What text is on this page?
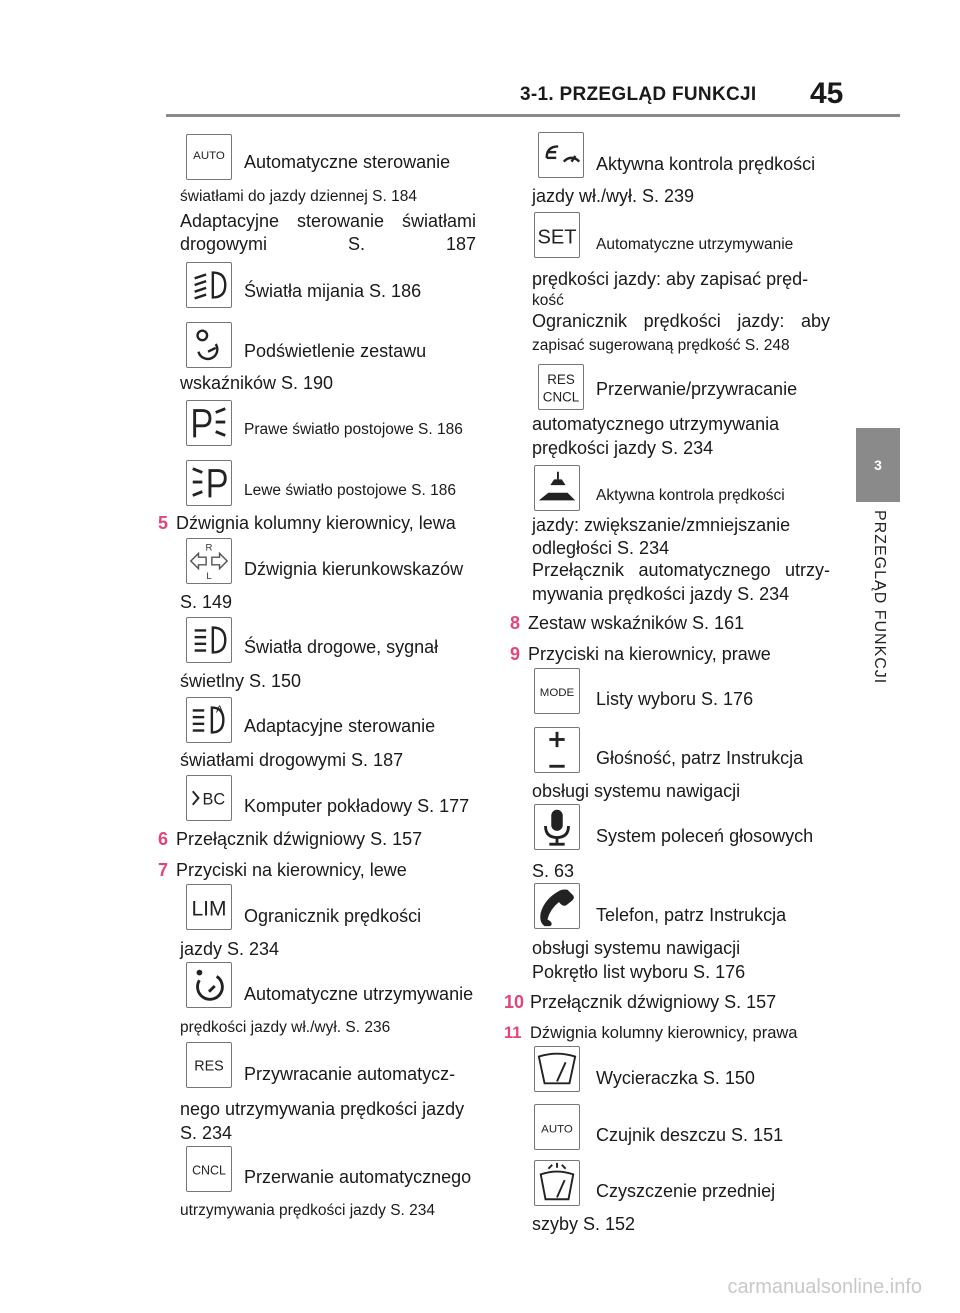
3-1. PRZEGLĄD FUNKCJI 45
3
PRZEGLĄD FUNKCJI
AUTO Automatyczne sterowanie
światłami do jazdy dziennej S. 184
Adaptacyjne sterowanie światłami drogowymi S. 187
Światła mijania S. 186
Podświetlenie zestawu
wskaźników S. 190
Prawe światło postojowe S. 186
Lewe światło postojowe S. 186
5 Dźwignia kolumny kierownicy, lewa
R
L Dźwignia kierunkowskazów
S. 149
Światła drogowe, sygnał
świetlny S. 150
A
Adaptacyjne sterowanie
światłami drogowymi S. 187
BC Komputer pokładowy S. 177
6 Przełącznik dźwigniowy S. 157
7 Przyciski na kierownicy, lewe
LIM Ogranicznik prędkości
jazdy S. 234
Automatyczne utrzymywanie
prędkości jazdy wł./wył. S. 236
RES Przywracanie automatycz-
nego utrzymywania prędkości jazdy
S. 234
CNCL Przerwanie automatycznego
utrzymywania prędkości jazdy S. 234
Aktywna kontrola prędkości
jazdy wł./wył. S. 239
SET Automatyczne utrzymywanie
prędkości jazdy: aby zapisać pręd-
kość
Ogranicznik prędkości jazdy: aby
zapisać sugerowaną prędkość S. 248
RES
CNCL Przerwanie/przywracanie
automatycznego utrzymywania
prędkości jazdy S. 234
Aktywna kontrola prędkości
jazdy: zwiększanie/zmniejszanie
odległości S. 234
Przełącznik automatycznego utrzy-
mywania prędkości jazdy S. 234
8 Zestaw wskaźników S. 161
9 Przyciski na kierownicy, prawe
MODE Listy wyboru S. 176
Głośność, patrz Instrukcja
obsługi systemu nawigacji
System poleceń głosowych
S. 63
Telefon, patrz Instrukcja
obsługi systemu nawigacji
Pokrętło list wyboru S. 176
10 Przełącznik dźwigniowy S. 157
11 Dźwignia kolumny kierownicy, prawa
Wycieraczka S. 150
AUTO Czujnik deszczu S. 151
Czyszczenie przedniej
szyby S. 152
carmanualsonline.info
